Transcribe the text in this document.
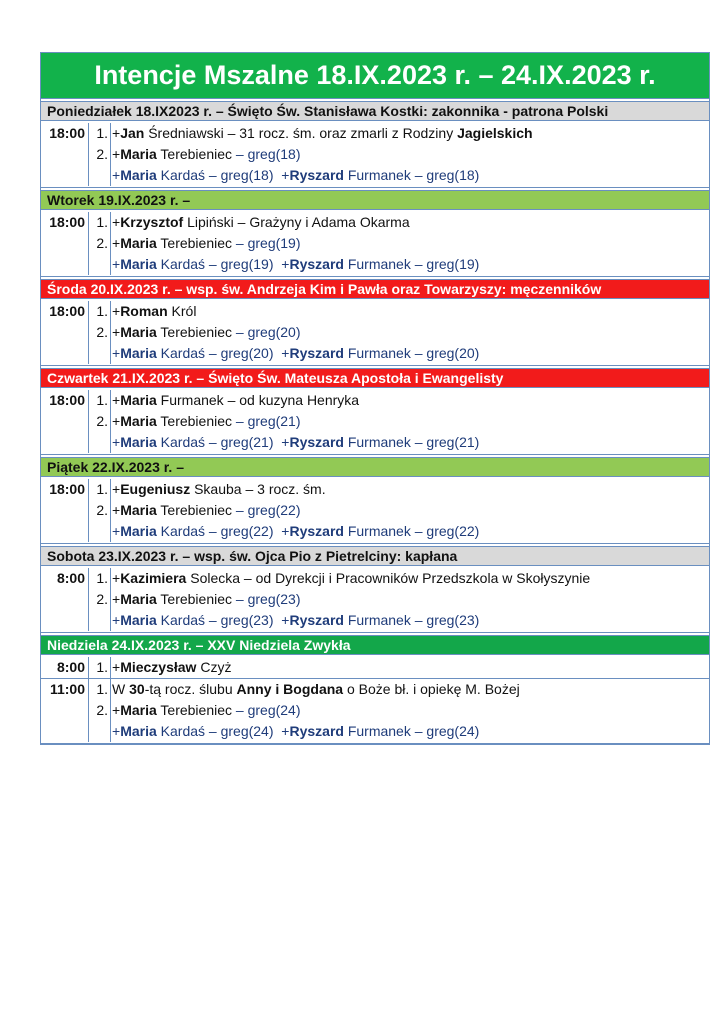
Intencje Mszalne 18.IX.2023 r. – 24.IX.2023 r.
Poniedziałek 18.IX2023 r. – Święto Św. Stanisława Kostki: zakonnika - patrona Polski
18:00 1. +Jan Średniawski – 31 rocz. śm. oraz zmarli z Rodziny Jagielskich
2. +Maria Terebieniec – greg(18)
+Maria Kardaś – greg(18) +Ryszard Furmanek – greg(18)
Wtorek 19.IX.2023 r. –
18:00 1. +Krzysztof Lipiński – Grażyny i Adama Okarma
2. +Maria Terebieniec – greg(19)
+Maria Kardaś – greg(19) +Ryszard Furmanek – greg(19)
Środa 20.IX.2023 r. – wsp. św. Andrzeja Kim i Pawła oraz Towarzyszy: męczenników
18:00 1. +Roman Król
2. +Maria Terebieniec – greg(20)
+Maria Kardaś – greg(20) +Ryszard Furmanek – greg(20)
Czwartek 21.IX.2023 r. – Święto Św. Mateusza Apostoła i Ewangelisty
18:00 1. +Maria Furmanek – od kuzyna Henryka
2. +Maria Terebieniec – greg(21)
+Maria Kardaś – greg(21) +Ryszard Furmanek – greg(21)
Piątek 22.IX.2023 r. –
18:00 1. +Eugeniusz Skauba – 3 rocz. śm.
2. +Maria Terebieniec – greg(22)
+Maria Kardaś – greg(22) +Ryszard Furmanek – greg(22)
Sobota 23.IX.2023 r. – wsp. św. Ojca Pio z Pietrelciny: kapłana
8:00 1. +Kazimiera Solecka – od Dyrekcji i Pracowników Przedszkola w Skołyszynie
2. +Maria Terebieniec – greg(23)
+Maria Kardaś – greg(23) +Ryszard Furmanek – greg(23)
Niedziela 24.IX.2023 r. – XXV Niedziela Zwykła
8:00 1. +Mieczysław Czyż
11:00 1. W 30-tą rocz. ślubu Anny i Bogdana o Boże bł. i opiekę M. Bożej
2. +Maria Terebieniec – greg(24)
+Maria Kardaś – greg(24) +Ryszard Furmanek – greg(24)
